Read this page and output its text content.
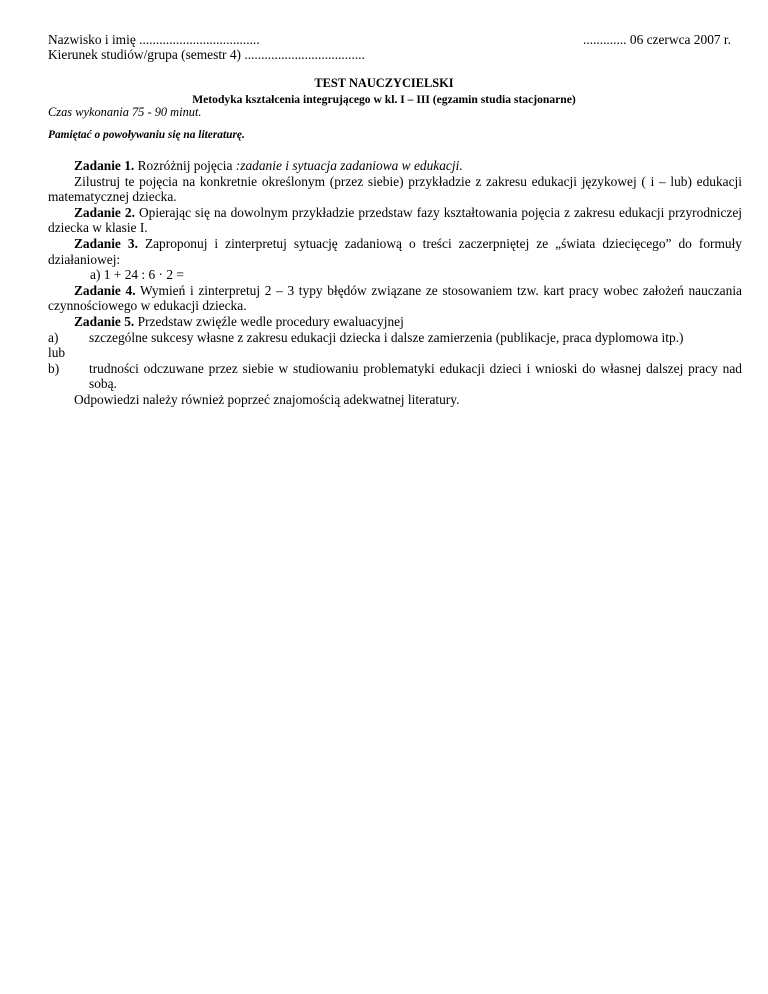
Nazwisko i imię ....................................
Kierunek studiów/grupa (semestr 4) ....................................
............. 06 czerwca 2007 r.
TEST NAUCZYCIELSKI
Metodyka kształcenia integrującego w kl. I – III (egzamin studia stacjonarne)
Czas wykonania 75 - 90 minut.
Pamiętać o powoływaniu się na literaturę.

Zadanie 1. Rozróżnij pojęcia :zadanie i sytuacja zadaniowa w edukacji.

Zilustruj te pojęcia na konkretnie określonym (przez siebie) przykładzie z zakresu edukacji językowej ( i – lub) edukacji matematycznej dziecka.

Zadanie 2. Opierając się na dowolnym przykładzie przedstaw fazy kształtowania pojęcia z zakresu edukacji przyrodniczej dziecka w klasie I.

Zadanie 3. Zaproponuj i zinterpretuj sytuację zadaniową o treści zaczerpniętej ze „świata dziecięcego” do formuły działaniowej:

a) 1 + 24 : 6 · 2 =

Zadanie 4. Wymień i zinterpretuj 2 – 3 typy błędów związane ze stosowaniem tzw. kart pracy wobec założeń nauczania czynnościowego w edukacji dziecka.

Zadanie 5. Przedstaw zwięźle wedle procedury ewaluacyjnej

a)	szczególne sukcesy własne z zakresu edukacji dziecka i dalsze zamierzenia (publikacje, praca dyplomowa itp.)

lub

b)	trudności odczuwane przez siebie w studiowaniu problematyki edukacji dzieci i wnioski do własnej dalszej pracy nad sobą.

Odpowiedzi należy również poprzeć znajomością adekwatnej literatury.
